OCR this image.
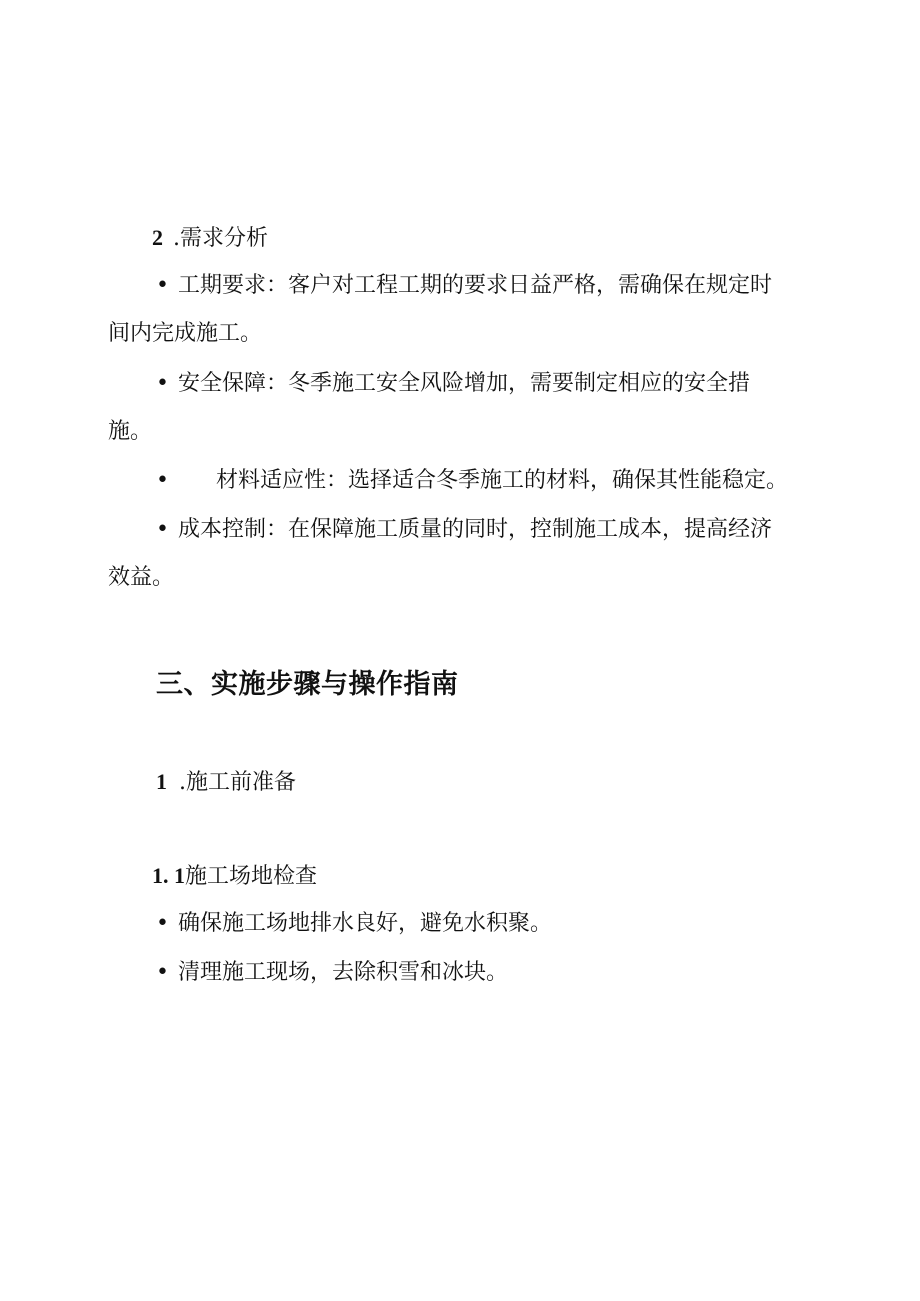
2 .需求分析
• 工期要求：客户对工程工期的要求日益严格，需确保在规定时
间内完成施工。
• 安全保障：冬季施工安全风险增加，需要制定相应的安全措
施。
• 材料适应性：选择适合冬季施工的材料，确保其性能稳定。
• 成本控制：在保障施工质量的同时，控制施工成本，提高经济
效益。
三、实施步骤与操作指南
1 .施工前准备
1. 1施工场地检查
• 确保施工场地排水良好，避免水积聚。
• 清理施工现场，去除积雪和冰块。
